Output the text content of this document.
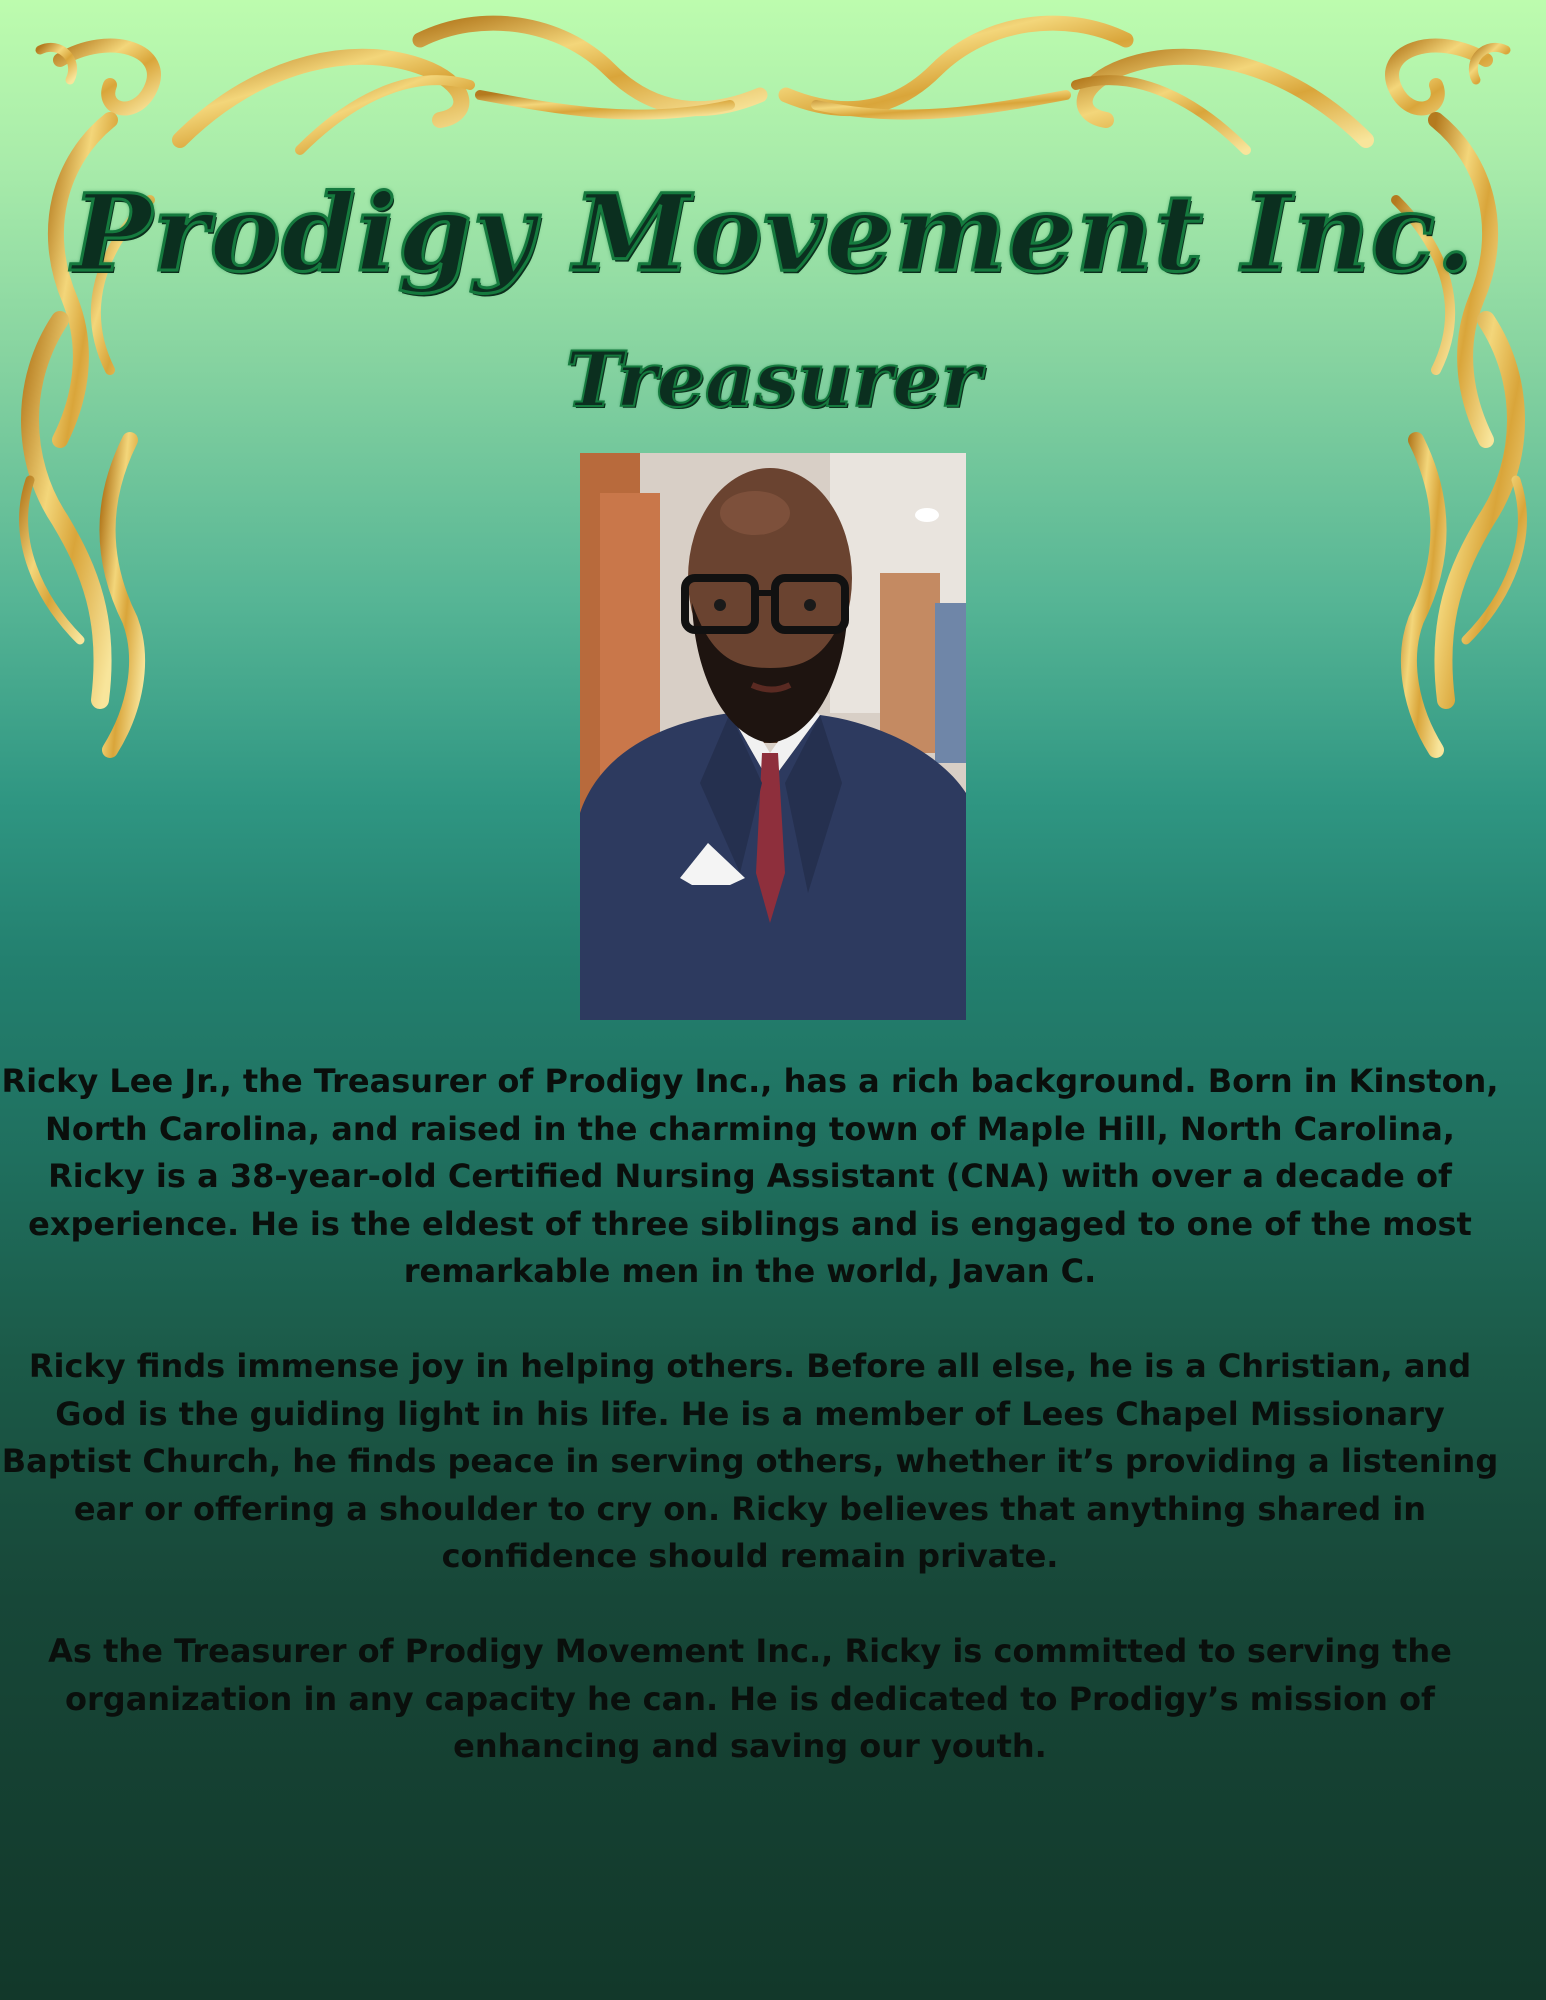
Prodigy Movement Inc.
Treasurer

Ricky Lee Jr., the Treasurer of Prodigy Inc., has a rich background. Born in Kinston, North Carolina, and raised in the charming town of Maple Hill, North Carolina, Ricky is a 38-year-old Certified Nursing Assistant (CNA) with over a decade of experience. He is the eldest of three siblings and is engaged to one of the most remarkable men in the world, Javan C.

Ricky finds immense joy in helping others. Before all else, he is a Christian, and God is the guiding light in his life. He is a member of Lees Chapel Missionary Baptist Church, he finds peace in serving others, whether it’s providing a listening ear or offering a shoulder to cry on. Ricky believes that anything shared in confidence should remain private.

As the Treasurer of Prodigy Movement Inc., Ricky is committed to serving the organization in any capacity he can. He is dedicated to Prodigy’s mission of enhancing and saving our youth.
